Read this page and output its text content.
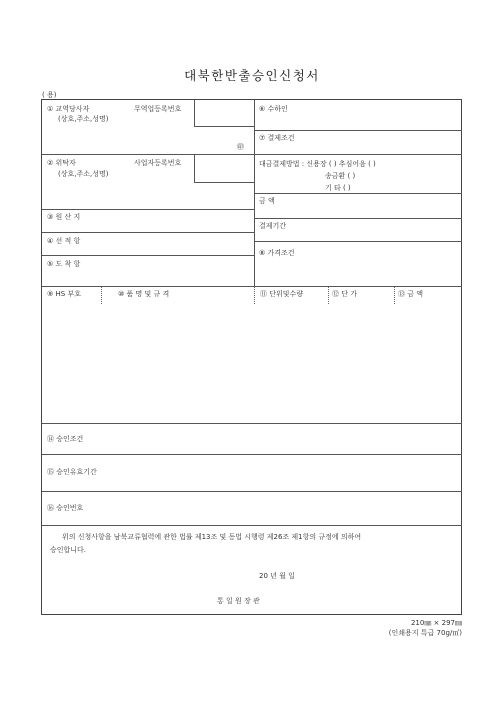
대북한반출승인신청서
( 용)
① 교역당사자
(상호,주소,성명)
무역업등록번호
㊞
② 위탁자
(상호,주소,성명)
사업자등록번호
③ 원 산 지
④ 선 적 항
⑤ 도 착 항
⑥ 수하인
⑦ 결제조건
대금결제방법 : 신용장 ( ) 추심어음 ( )
송금환 ( )
기 타 ( )
금 액
결제기간
⑧ 가격조건
⑨ HS 부호	⑩ 품 명 및 규 격	⑪ 단위및수량	⑫ 단 가	⑬ 금 액
⑭ 승인조건
⑮ 승인유효기간
⑯ 승인번호
위의 신청사항을 남북교류협력에 관한 법률 제13조 및 동법 시행령 제26조 제1항의 규정에 의하여
승인합니다.
20 년 월 일
통 일 원 장 관
210㎜ × 297㎜
(인쇄용지 특급 70g/㎡)
